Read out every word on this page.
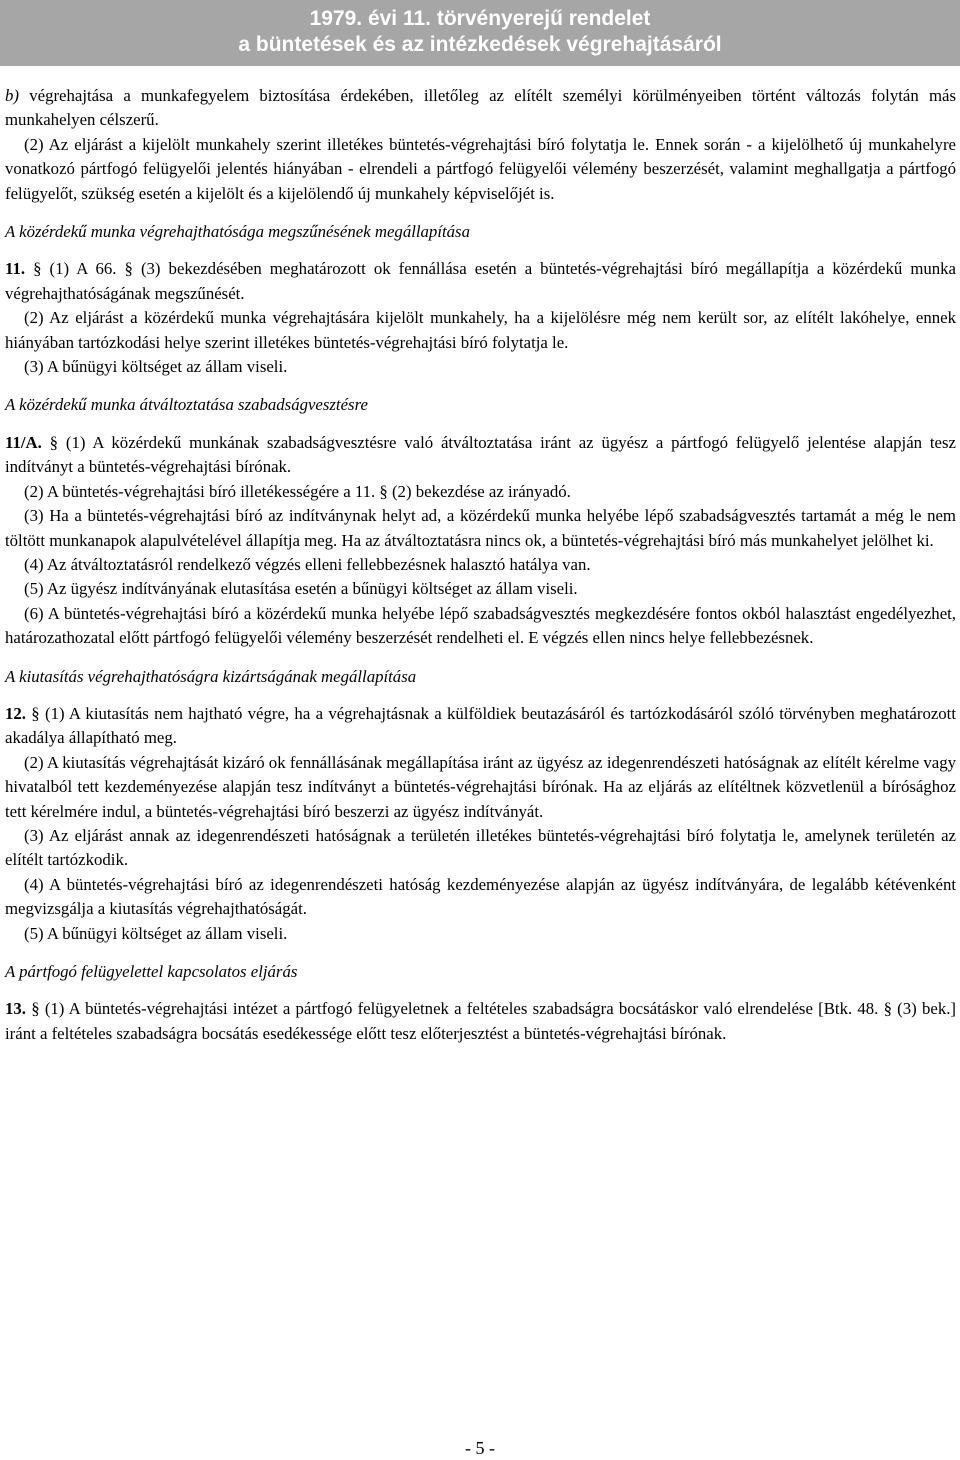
1979. évi 11. törvényerejű rendelet
a büntetések és az intézkedések végrehajtásáról

b) végrehajtása a munkafegyelem biztosítása érdekében, illetőleg az elítélt személyi körülményeiben történt változás folytán más munkahelyen célszerű.

(2) Az eljárást a kijelölt munkahely szerint illetékes büntetés-végrehajtási bíró folytatja le. Ennek során - a kijelölhető új munkahelyre vonatkozó pártfogó felügyelői jelentés hiányában - elrendeli a pártfogó felügyelői vélemény beszerzését, valamint meghallgatja a pártfogó felügyelőt, szükség esetén a kijelölt és a kijelölendő új munkahely képviselőjét is.

A közérdekű munka végrehajthatósága megszűnésének megállapítása

11. § (1) A 66. § (3) bekezdésében meghatározott ok fennállása esetén a büntetés-végrehajtási bíró megállapítja a közérdekű munka végrehajthatóságának megszűnését.

(2) Az eljárást a közérdekű munka végrehajtására kijelölt munkahely, ha a kijelölésre még nem került sor, az elítélt lakóhelye, ennek hiányában tartózkodási helye szerint illetékes büntetés-végrehajtási bíró folytatja le.

(3) A bűnügyi költséget az állam viseli.

A közérdekű munka átváltoztatása szabadságvesztésre

11/A. § (1) A közérdekű munkának szabadságvesztésre való átváltoztatása iránt az ügyész a pártfogó felügyelő jelentése alapján tesz indítványt a büntetés-végrehajtási bírónak.

(2) A büntetés-végrehajtási bíró illetékességére a 11. § (2) bekezdése az irányadó.

(3) Ha a büntetés-végrehajtási bíró az indítványnak helyt ad, a közérdekű munka helyébe lépő szabadságvesztés tartamát a még le nem töltött munkanapok alapulvételével állapítja meg. Ha az átváltoztatásra nincs ok, a büntetés-végrehajtási bíró más munkahelyet jelölhet ki.

(4) Az átváltoztatásról rendelkező végzés elleni fellebbezésnek halasztó hatálya van.

(5) Az ügyész indítványának elutasítása esetén a bűnügyi költséget az állam viseli.

(6) A büntetés-végrehajtási bíró a közérdekű munka helyébe lépő szabadságvesztés megkezdésére fontos okból halasztást engedélyezhet, határozathozatal előtt pártfogó felügyelői vélemény beszerzését rendelheti el. E végzés ellen nincs helye fellebbezésnek.

A kiutasítás végrehajthatóságra kizártságának megállapítása

12. § (1) A kiutasítás nem hajtható végre, ha a végrehajtásnak a külföldiek beutazásáról és tartózkodásáról szóló törvényben meghatározott akadálya állapítható meg.

(2) A kiutasítás végrehajtását kizáró ok fennállásának megállapítása iránt az ügyész az idegenrendészeti hatóságnak az elítélt kérelme vagy hivatalból tett kezdeményezése alapján tesz indítványt a büntetés-végrehajtási bírónak. Ha az eljárás az elítéltnek közvetlenül a bírósághoz tett kérelmére indul, a büntetés-végrehajtási bíró beszerzi az ügyész indítványát.

(3) Az eljárást annak az idegenrendészeti hatóságnak a területén illetékes büntetés-végrehajtási bíró folytatja le, amelynek területén az elítélt tartózkodik.

(4) A büntetés-végrehajtási bíró az idegenrendészeti hatóság kezdeményezése alapján az ügyész indítványára, de legalább kétévenként megvizsgálja a kiutasítás végrehajthatóságát.

(5) A bűnügyi költséget az állam viseli.

A pártfogó felügyelettel kapcsolatos eljárás

13. § (1) A büntetés-végrehajtási intézet a pártfogó felügyeletnek a feltételes szabadságra bocsátáskor való elrendelése [Btk. 48. § (3) bek.] iránt a feltételes szabadságra bocsátás esedékessége előtt tesz előterjesztést a büntetés-végrehajtási bírónak.

- 5 -
